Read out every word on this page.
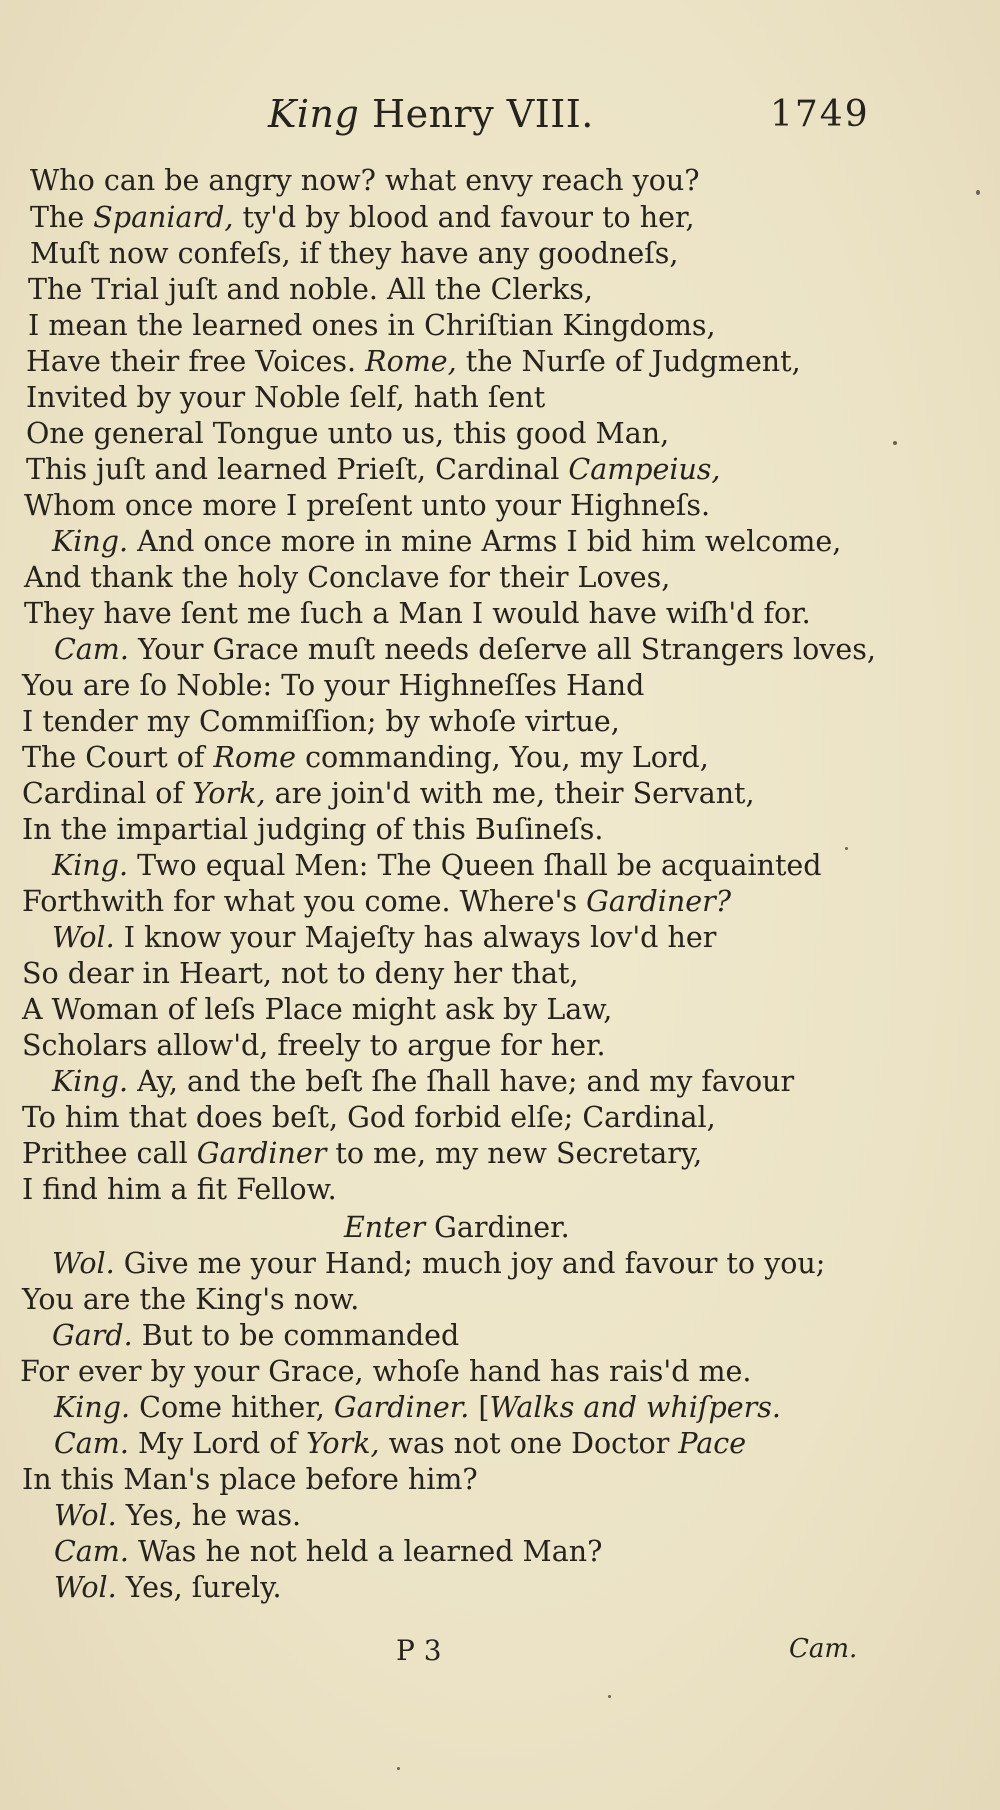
King Henry VIII.	1749
Who can be angry now? what envy reach you?
The Spaniard, ty'd by blood and favour to her,
Muſt now confeſs, if they have any goodneſs,
The Trial juſt and noble. All the Clerks,
I mean the learned ones in Chriſtian Kingdoms,
Have their free Voices. Rome, the Nurſe of Judgment,
Invited by your Noble ſelf, hath ſent
One general Tongue unto us, this good Man,
This juſt and learned Prieſt, Cardinal Campeius,
Whom once more I preſent unto your Highneſs.
King. And once more in mine Arms I bid him welcome,
And thank the holy Conclave for their Loves,
They have ſent me ſuch a Man I would have wiſh'd for.
Cam. Your Grace muſt needs deſerve all Strangers loves,
You are ſo Noble: To your Highneſſes Hand
I tender my Commiſſion; by whoſe virtue,
The Court of Rome commanding, You, my Lord,
Cardinal of York, are join'd with me, their Servant,
In the impartial judging of this Buſineſs.
King. Two equal Men: The Queen ſhall be acquainted
Forthwith for what you come. Where's Gardiner?
Wol. I know your Majeſty has always lov'd her
So dear in Heart, not to deny her that,
A Woman of leſs Place might ask by Law,
Scholars allow'd, freely to argue for her.
King. Ay, and the beſt ſhe ſhall have; and my favour
To him that does beſt, God forbid elſe; Cardinal,
Prithee call Gardiner to me, my new Secretary,
I find him a fit Fellow.
Enter Gardiner.
Wol. Give me your Hand; much joy and favour to you;
You are the King's now.
Gard. But to be commanded
For ever by your Grace, whoſe hand has rais'd me.
King. Come hither, Gardiner. [Walks and whiſpers.
Cam. My Lord of York, was not one Doctor Pace
In this Man's place before him?
Wol. Yes, he was.
Cam. Was he not held a learned Man?
Wol. Yes, ſurely.
P 3	Cam.
